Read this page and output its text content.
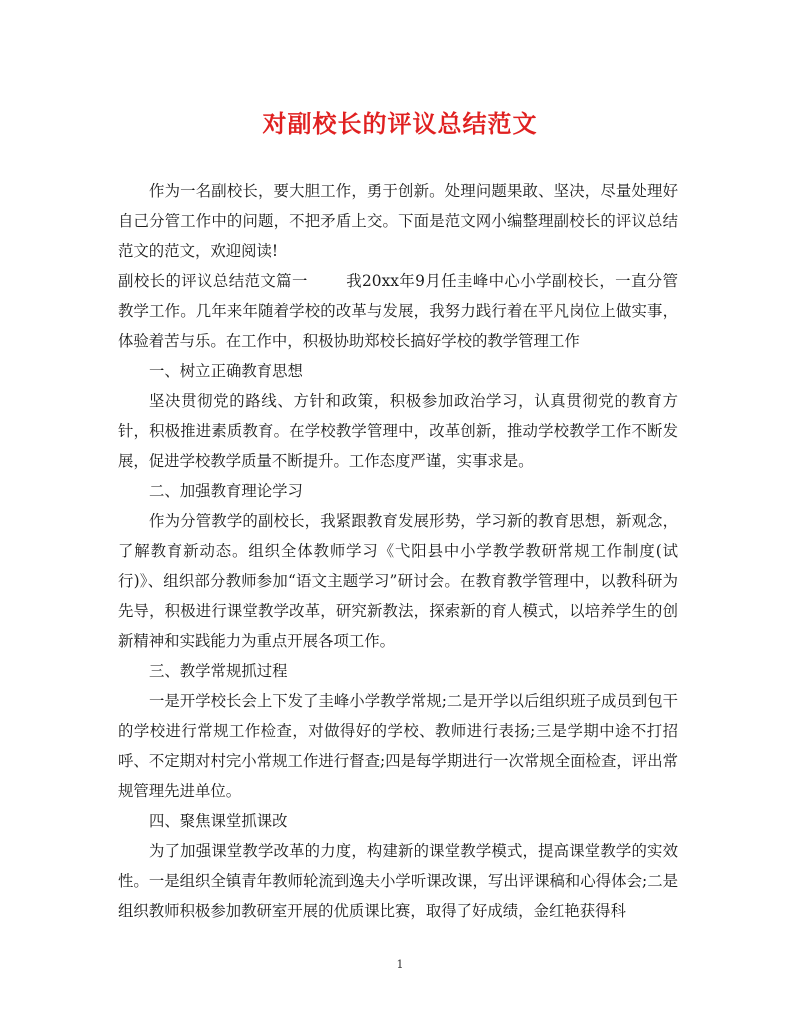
对副校长的评议总结范文

作为一名副校长，要大胆工作，勇于创新。处理问题果敢、坚决，尽量处理好自己分管工作中的问题，不把矛盾上交。下面是范文网小编整理副校长的评议总结范文的范文，欢迎阅读!

副校长的评议总结范文篇一 我20xx年9月任圭峰中心小学副校长，一直分管教学工作。几年来年随着学校的改革与发展，我努力践行着在平凡岗位上做实事，体验着苦与乐。在工作中，积极协助郑校长搞好学校的教学管理工作

一、树立正确教育思想

坚决贯彻党的路线、方针和政策，积极参加政治学习，认真贯彻党的教育方针，积极推进素质教育。在学校教学管理中，改革创新，推动学校教学工作不断发展，促进学校教学质量不断提升。工作态度严谨，实事求是。

二、加强教育理论学习

作为分管教学的副校长，我紧跟教育发展形势，学习新的教育思想，新观念，了解教育新动态。组织全体教师学习《弋阳县中小学教学教研常规工作制度(试行)》、组织部分教师参加“语文主题学习”研讨会。在教育教学管理中，以教科研为先导，积极进行课堂教学改革，研究新教法，探索新的育人模式，以培养学生的创新精神和实践能力为重点开展各项工作。

三、教学常规抓过程

一是开学校长会上下发了圭峰小学教学常规;二是开学以后组织班子成员到包干的学校进行常规工作检查，对做得好的学校、教师进行表扬;三是学期中途不打招呼、不定期对村完小常规工作进行督查;四是每学期进行一次常规全面检查，评出常规管理先进单位。

四、聚焦课堂抓课改

为了加强课堂教学改革的力度，构建新的课堂教学模式，提高课堂教学的实效性。一是组织全镇青年教师轮流到逸夫小学听课改课，写出评课稿和心得体会;二是组织教师积极参加教研室开展的优质课比赛，取得了好成绩，金红艳获得科

1
